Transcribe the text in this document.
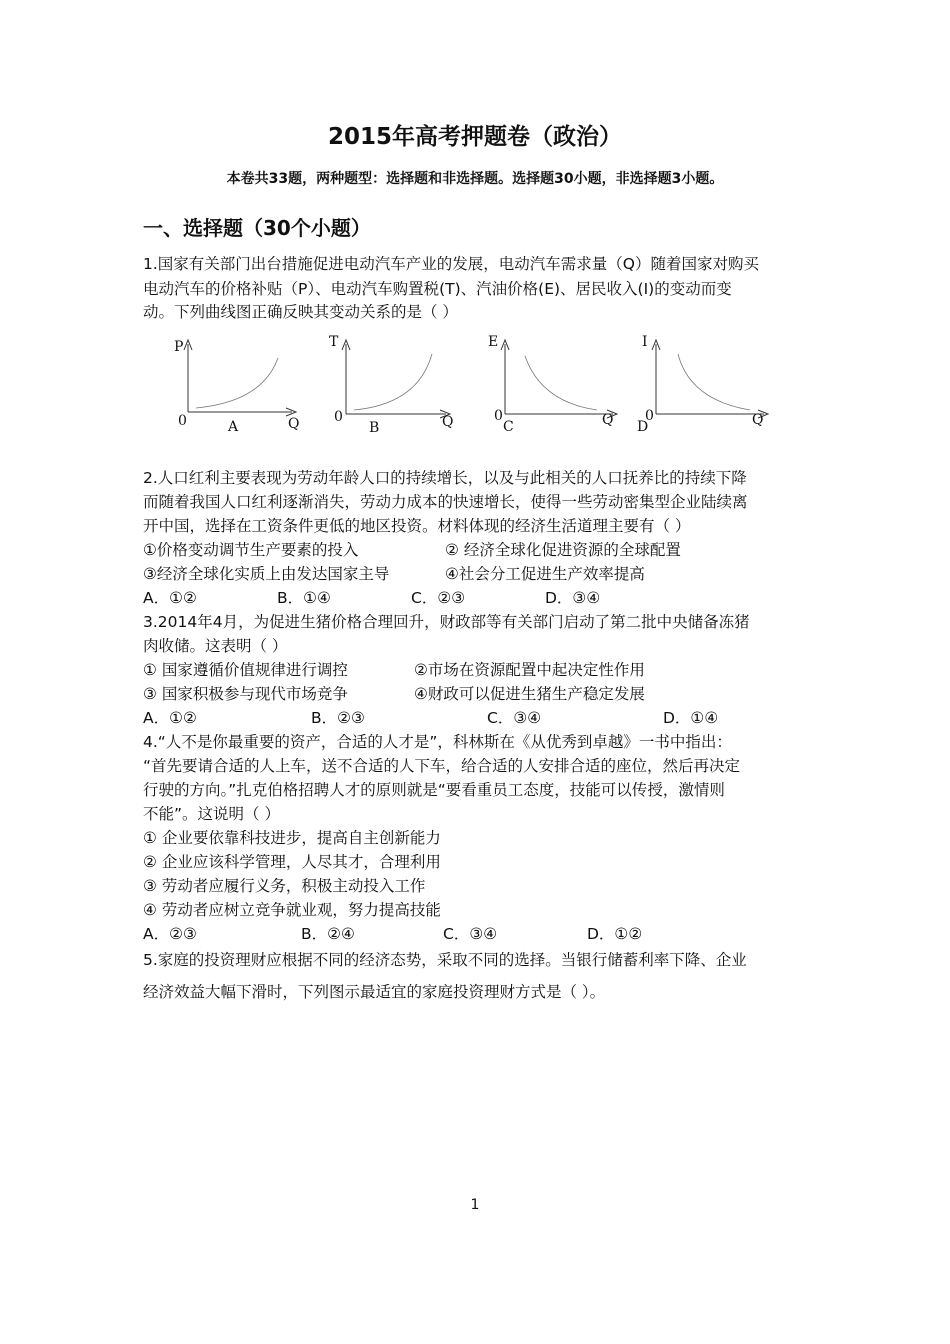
2015年高考押题卷（政治）
本卷共33题，两种题型：选择题和非选择题。选择题30小题，非选择题3小题。
一、选择题（30个小题）
1.国家有关部门出台措施促进电动汽车产业的发展，电动汽车需求量（Q）随着国家对购买
电动汽车的价格补贴（P）、电动汽车购置税(T)、汽油价格(E)、居民收入(I)的变动而变
动。下列曲线图正确反映其变动关系的是（ ）
P
0	A	Q
T
0
B	Q
E
0
C	Q
I
0
D	Q
2.人口红利主要表现为劳动年龄人口的持续增长，以及与此相关的人口抚养比的持续下降
而随着我国人口红利逐渐消失，劳动力成本的快速增长，使得一些劳动密集型企业陆续离
开中国，选择在工资条件更低的地区投资。材料体现的经济生活道理主要有（ ）
①价格变动调节生产要素的投入	② 经济全球化促进资源的全球配置
③经济全球化实质上由发达国家主导	④社会分工促进生产效率提高
A．①②	B．①④	C．②③	D．③④
3.2014年4月，为促进生猪价格合理回升，财政部等有关部门启动了第二批中央储备冻猪
肉收储。这表明（ ）
① 国家遵循价值规律进行调控	②市场在资源配置中起决定性作用
③ 国家积极参与现代市场竞争	④财政可以促进生猪生产稳定发展
A．①②	B．②③	C．③④	D．①④
4.“人不是你最重要的资产，合适的人才是”，科林斯在《从优秀到卓越》一书中指出：
“首先要请合适的人上车，送不合适的人下车，给合适的人安排合适的座位，然后再决定
行驶的方向。”扎克伯格招聘人才的原则就是“要看重员工态度，技能可以传授，激情则
不能”。这说明（ ）
① 企业要依靠科技进步，提高自主创新能力
② 企业应该科学管理，人尽其才，合理利用
③ 劳动者应履行义务，积极主动投入工作
④ 劳动者应树立竞争就业观，努力提高技能
A．②③	B．②④	C．③④	D．①②
5.家庭的投资理财应根据不同的经济态势，采取不同的选择。当银行储蓄利率下降、企业
经济效益大幅下滑时，下列图示最适宜的家庭投资理财方式是（ ）。
1
